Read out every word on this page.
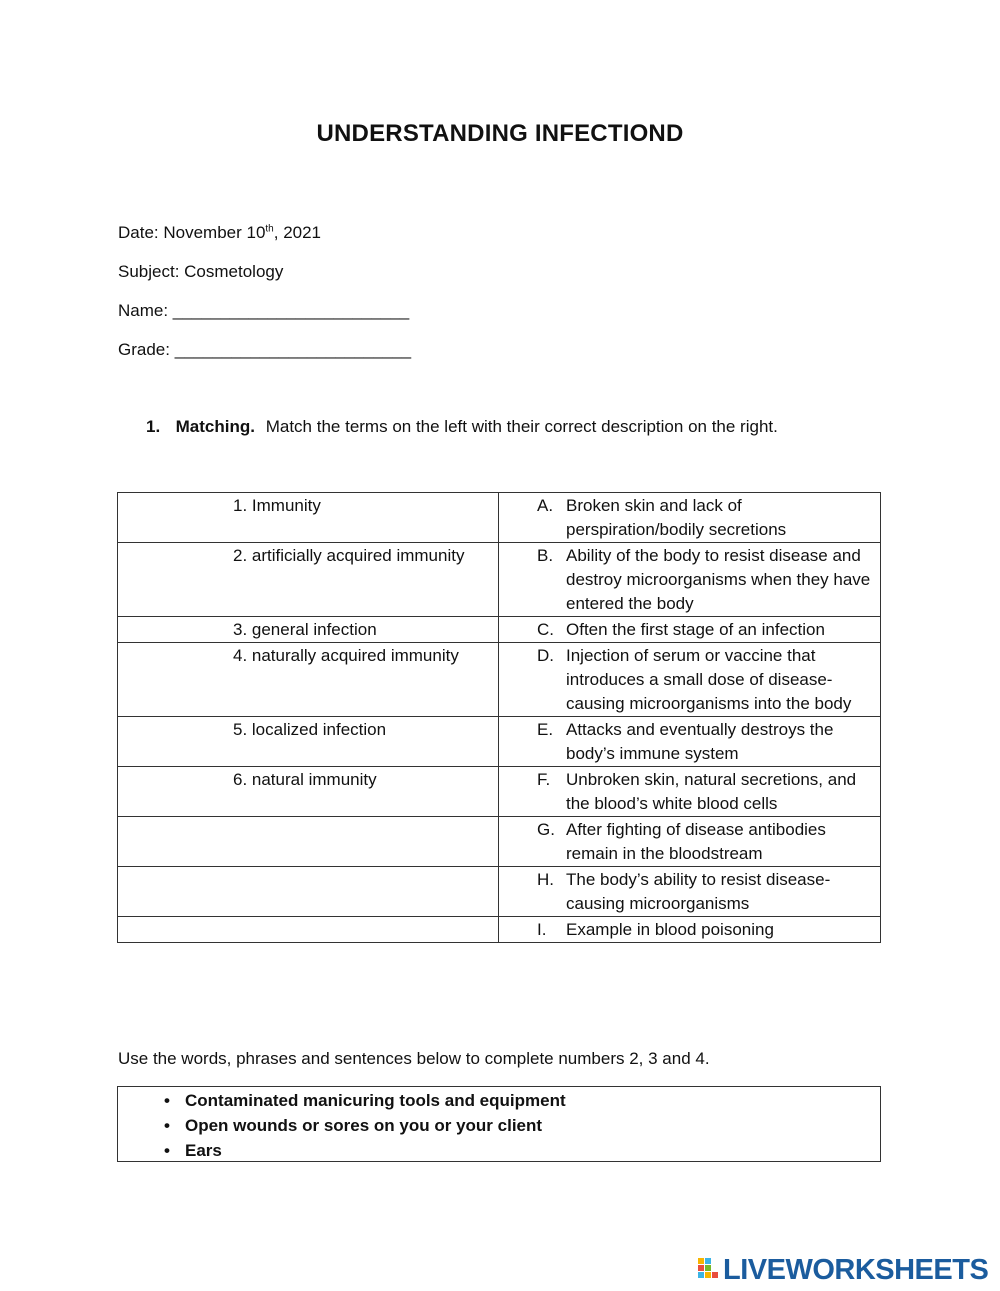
UNDERSTANDING INFECTIOND
Date: November 10th, 2021
Subject: Cosmetology
Name: _________________________
Grade: _________________________
1. Matching. Match the terms on the left with their correct description on the right.
1. Immunity	A. Broken skin and lack of perspiration/bodily secretions

2. artificially acquired immunity	B. Ability of the body to resist disease and destroy microorganisms when they have entered the body

3. general infection	C. Often the first stage of an infection

4. naturally acquired immunity	D. Injection of serum or vaccine that introduces a small dose of disease-causing microorganisms into the body

5. localized infection	E. Attacks and eventually destroys the body’s immune system

6. natural immunity	F. Unbroken skin, natural secretions, and the blood’s white blood cells

	G. After fighting of disease antibodies remain in the bloodstream

	H. The body’s ability to resist disease-causing microorganisms

	I. Example in blood poisoning
Use the words, phrases and sentences below to complete numbers 2, 3 and 4.
• Contaminated manicuring tools and equipment
• Open wounds or sores on you or your client
• Ears
LIVEWORKSHEETS
